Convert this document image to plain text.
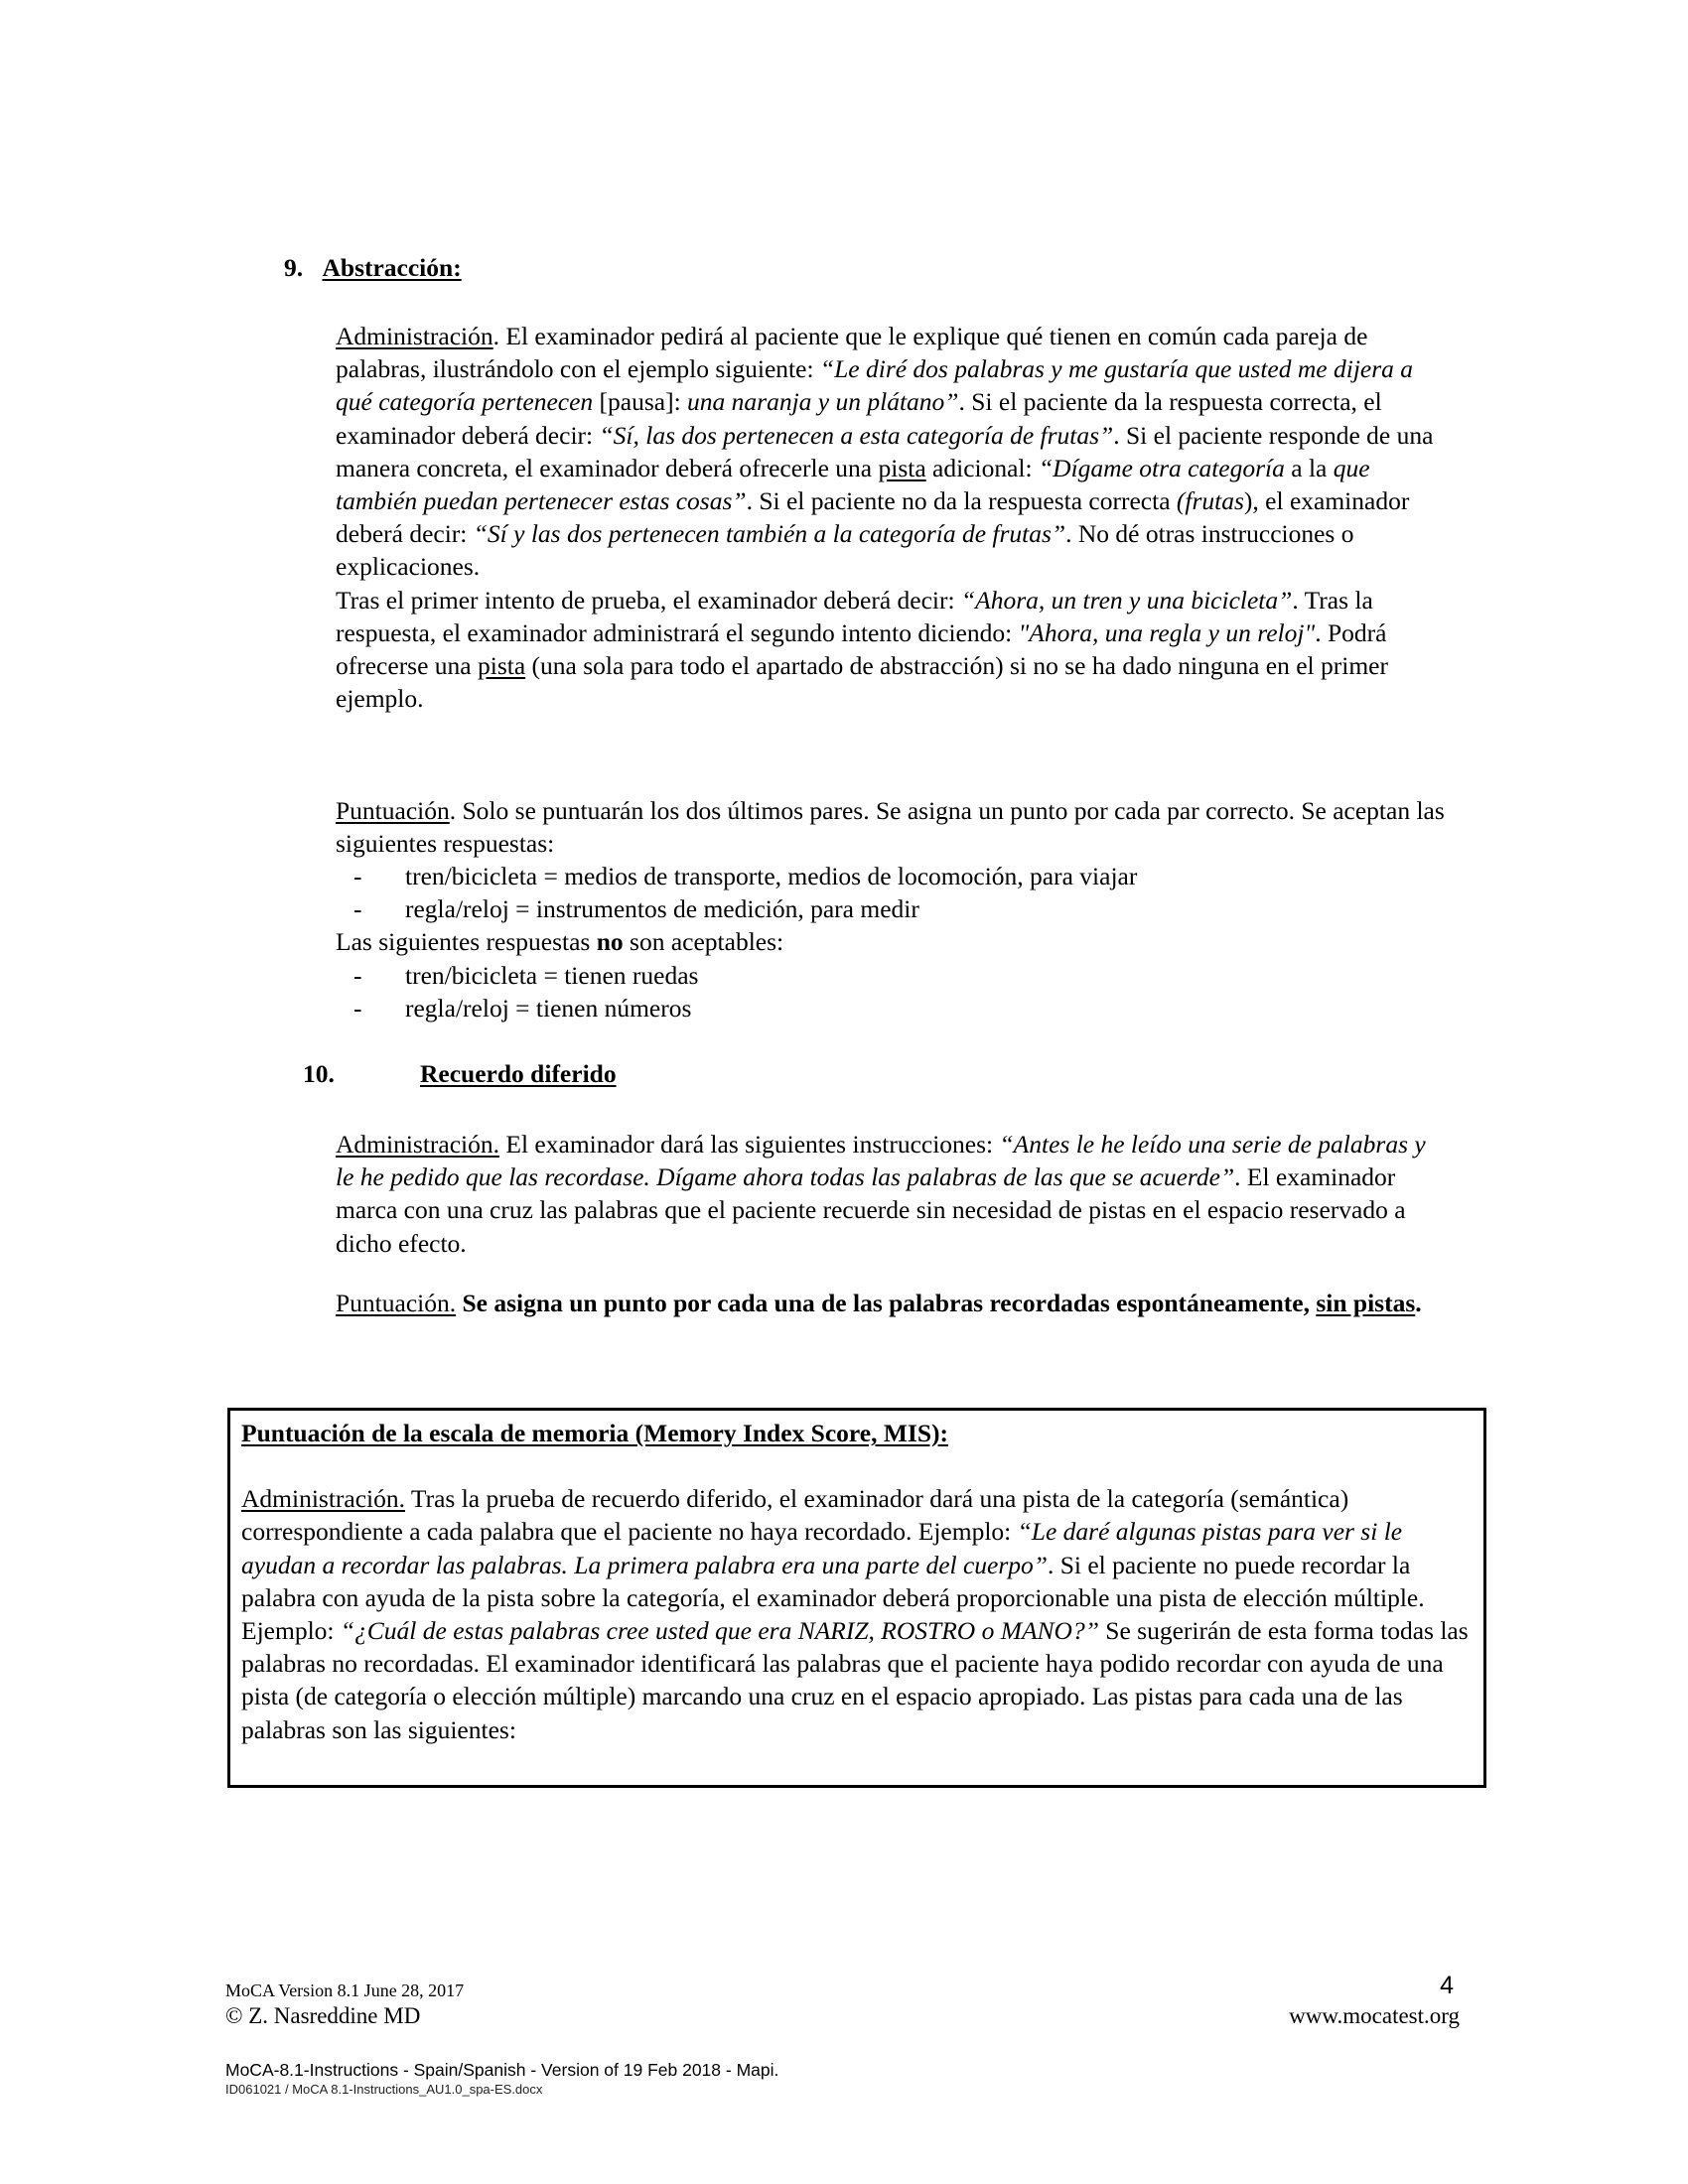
9. Abstracción:
Administración. El examinador pedirá al paciente que le explique qué tienen en común cada pareja de palabras, ilustrándolo con el ejemplo siguiente: “Le diré dos palabras y me gustaría que usted me dijera a qué categoría pertenecen [pausa]: una naranja y un plátano”. Si el paciente da la respuesta correcta, el examinador deberá decir: “Sí, las dos pertenecen a esta categoría de frutas”. Si el paciente responde de una manera concreta, el examinador deberá ofrecerle una pista adicional: “Dígame otra categoría a la que también puedan pertenecer estas cosas”. Si el paciente no da la respuesta correcta (frutas), el examinador deberá decir: “Sí y las dos pertenecen también a la categoría de frutas”. No dé otras instrucciones o explicaciones.
Tras el primer intento de prueba, el examinador deberá decir: “Ahora, un tren y una bicicleta”. Tras la respuesta, el examinador administrará el segundo intento diciendo: "Ahora, una regla y un reloj". Podrá ofrecerse una pista (una sola para todo el apartado de abstracción) si no se ha dado ninguna en el primer ejemplo.
Puntuación. Solo se puntuarán los dos últimos pares. Se asigna un punto por cada par correcto. Se aceptan las siguientes respuestas:
-	tren/bicicleta = medios de transporte, medios de locomoción, para viajar
-	regla/reloj = instrumentos de medición, para medir
Las siguientes respuestas no son aceptables:
-	tren/bicicleta = tienen ruedas
-	regla/reloj = tienen números
10.	Recuerdo diferido
Administración. El examinador dará las siguientes instrucciones: “Antes le he leído una serie de palabras y le he pedido que las recordase. Dígame ahora todas las palabras de las que se acuerde”. El examinador marca con una cruz las palabras que el paciente recuerde sin necesidad de pistas en el espacio reservado a dicho efecto.
Puntuación. Se asigna un punto por cada una de las palabras recordadas espontáneamente, sin pistas.
Puntuación de la escala de memoria (Memory Index Score, MIS):
Administración. Tras la prueba de recuerdo diferido, el examinador dará una pista de la categoría (semántica) correspondiente a cada palabra que el paciente no haya recordado. Ejemplo: “Le daré algunas pistas para ver si le ayudan a recordar las palabras. La primera palabra era una parte del cuerpo”. Si el paciente no puede recordar la palabra con ayuda de la pista sobre la categoría, el examinador deberá proporcionable una pista de elección múltiple. Ejemplo: “¿Cuál de estas palabras cree usted que era NARIZ, ROSTRO o MANO?” Se sugerirán de esta forma todas las palabras no recordadas. El examinador identificará las palabras que el paciente haya podido recordar con ayuda de una pista (de categoría o elección múltiple) marcando una cruz en el espacio apropiado. Las pistas para cada una de las palabras son las siguientes:
MoCA Version 8.1 June 28, 2017
© Z. Nasreddine MD
4
www.mocatest.org
MoCA-8.1-Instructions - Spain/Spanish - Version of 19 Feb 2018 - Mapi.
ID061021 / MoCA 8.1-Instructions_AU1.0_spa-ES.docx
